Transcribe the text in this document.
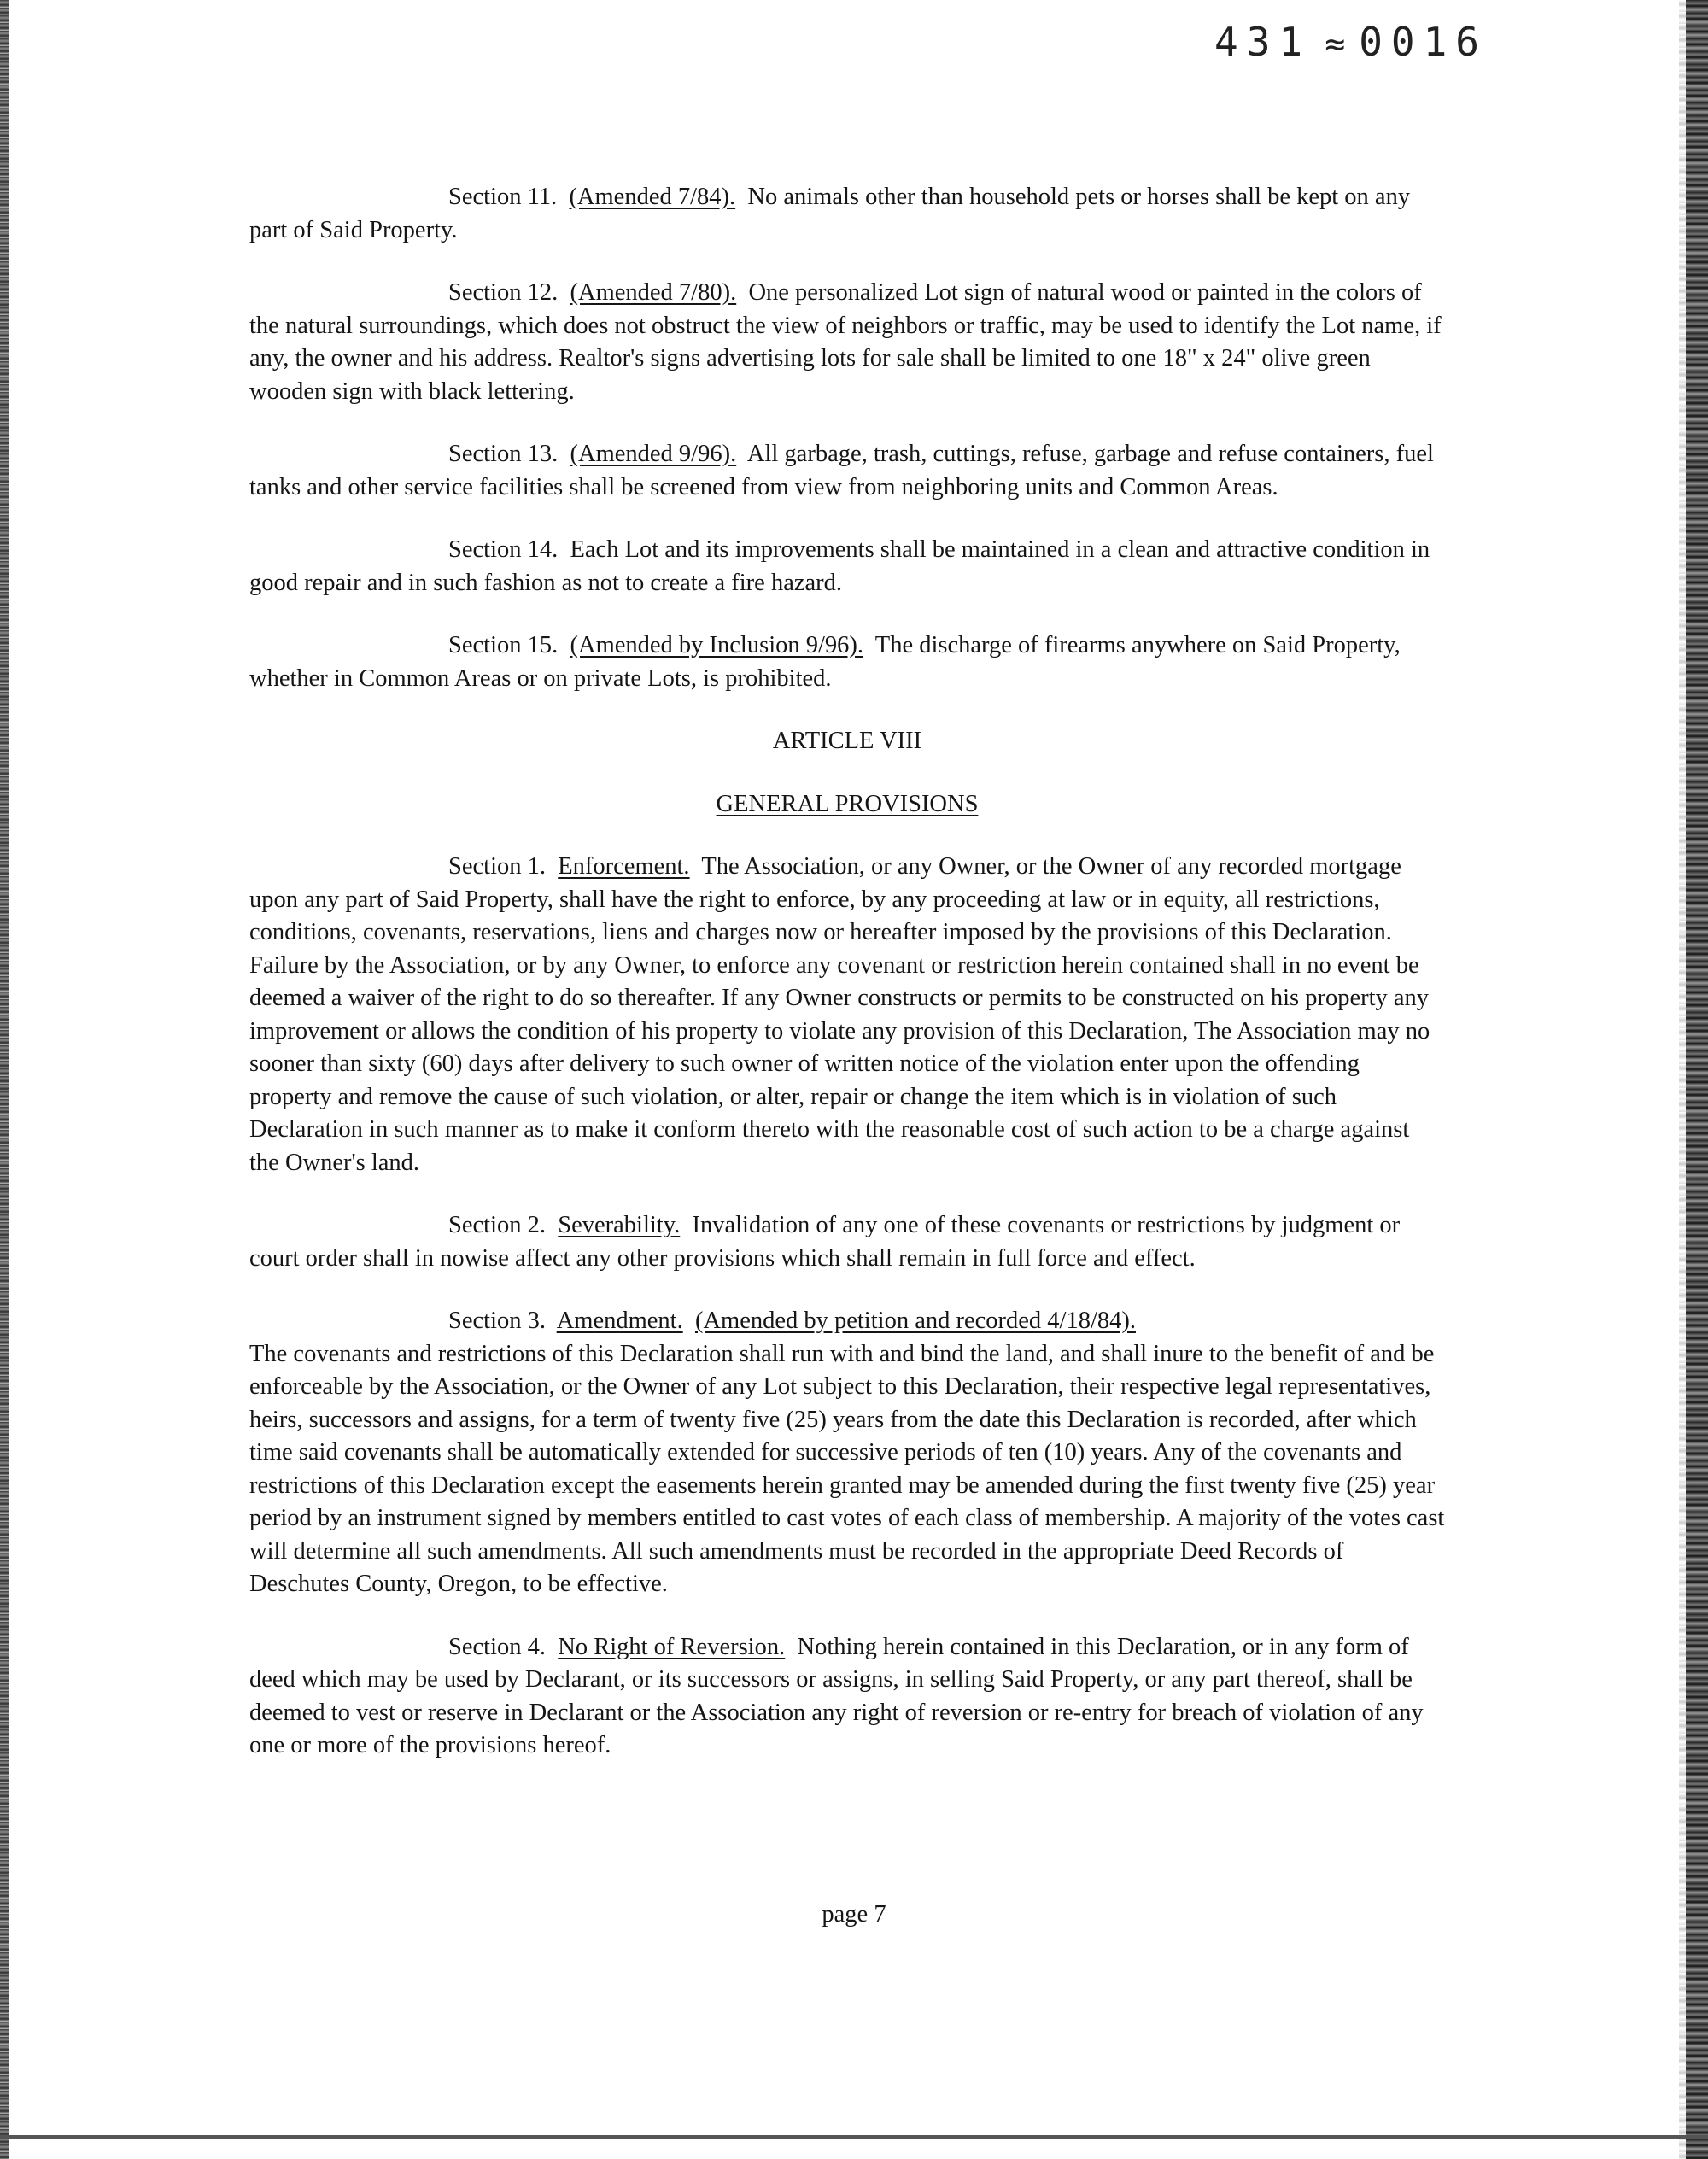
431 ≈ 0016

Section 11. (Amended 7/84). No animals other than household pets or horses shall be kept on any part of Said Property.

Section 12. (Amended 7/80). One personalized Lot sign of natural wood or painted in the colors of the natural surroundings, which does not obstruct the view of neighbors or traffic, may be used to identify the Lot name, if any, the owner and his address. Realtor's signs advertising lots for sale shall be limited to one 18" x 24" olive green wooden sign with black lettering.

Section 13. (Amended 9/96). All garbage, trash, cuttings, refuse, garbage and refuse containers, fuel tanks and other service facilities shall be screened from view from neighboring units and Common Areas.

Section 14. Each Lot and its improvements shall be maintained in a clean and attractive condition in good repair and in such fashion as not to create a fire hazard.

Section 15. (Amended by Inclusion 9/96). The discharge of firearms anywhere on Said Property, whether in Common Areas or on private Lots, is prohibited.

ARTICLE VIII
GENERAL PROVISIONS

Section 1. Enforcement. The Association, or any Owner, or the Owner of any recorded mortgage upon any part of Said Property, shall have the right to enforce, by any proceeding at law or in equity, all restrictions, conditions, covenants, reservations, liens and charges now or hereafter imposed by the provisions of this Declaration. Failure by the Association, or by any Owner, to enforce any covenant or restriction herein contained shall in no event be deemed a waiver of the right to do so thereafter. If any Owner constructs or permits to be constructed on his property any improvement or allows the condition of his property to violate any provision of this Declaration, The Association may no sooner than sixty (60) days after delivery to such owner of written notice of the violation enter upon the offending property and remove the cause of such violation, or alter, repair or change the item which is in violation of such Declaration in such manner as to make it conform thereto with the reasonable cost of such action to be a charge against the Owner's land.

Section 2. Severability. Invalidation of any one of these covenants or restrictions by judgment or court order shall in nowise affect any other provisions which shall remain in full force and effect.

Section 3. Amendment. (Amended by petition and recorded 4/18/84).
The covenants and restrictions of this Declaration shall run with and bind the land, and shall inure to the benefit of and be enforceable by the Association, or the Owner of any Lot subject to this Declaration, their respective legal representatives, heirs, successors and assigns, for a term of twenty five (25) years from the date this Declaration is recorded, after which time said covenants shall be automatically extended for successive periods of ten (10) years. Any of the covenants and restrictions of this Declaration except the easements herein granted may be amended during the first twenty five (25) year period by an instrument signed by members entitled to cast votes of each class of membership. A majority of the votes cast will determine all such amendments. All such amendments must be recorded in the appropriate Deed Records of Deschutes County, Oregon, to be effective.

Section 4. No Right of Reversion. Nothing herein contained in this Declaration, or in any form of deed which may be used by Declarant, or its successors or assigns, in selling Said Property, or any part thereof, shall be deemed to vest or reserve in Declarant or the Association any right of reversion or re-entry for breach of violation of any one or more of the provisions hereof.

page 7
